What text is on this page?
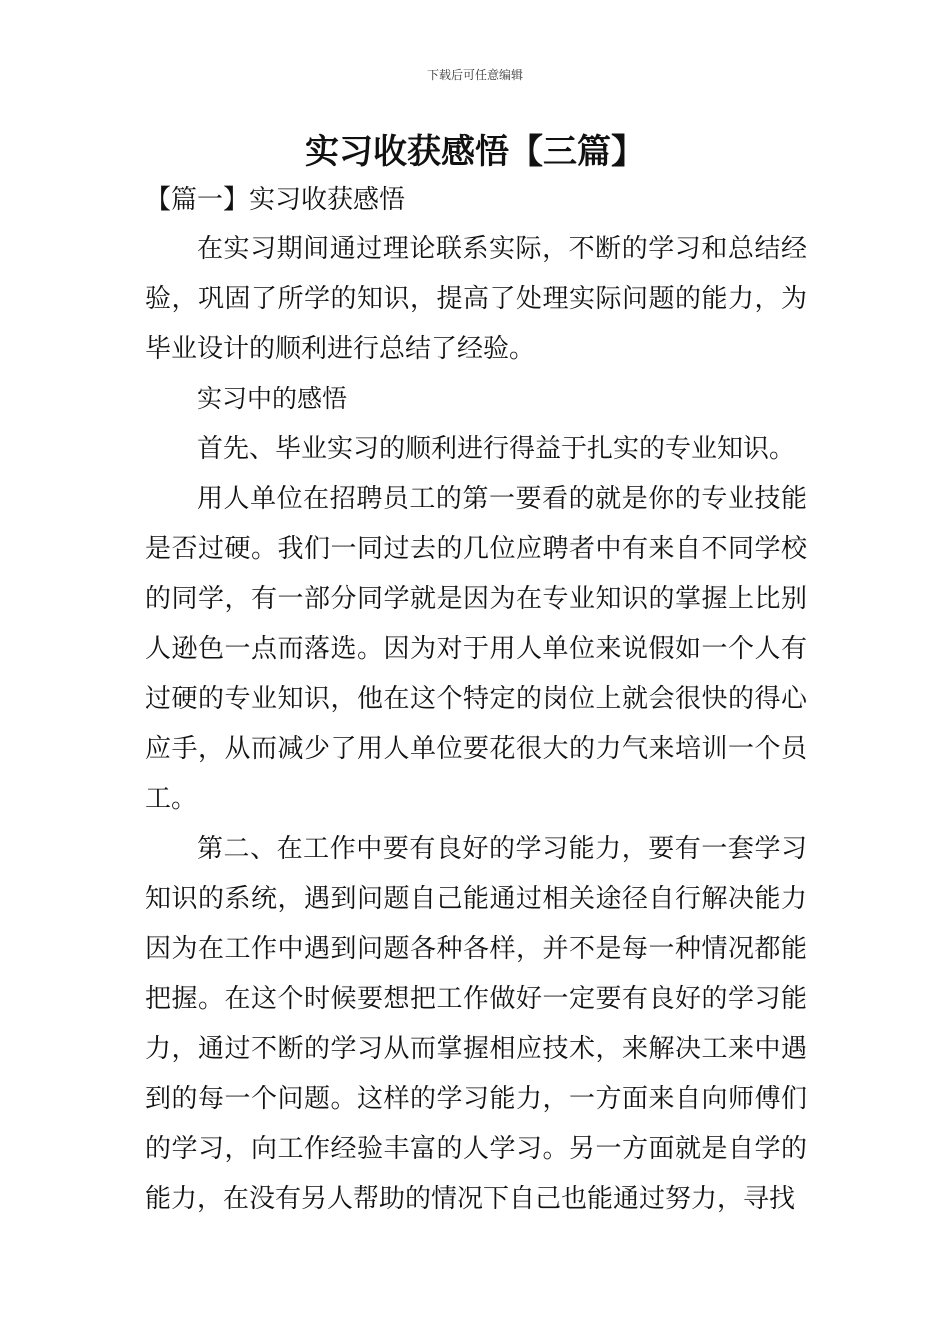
下载后可任意编辑
实习收获感悟【三篇】
【篇一】实习收获感悟

在实习期间通过理论联系实际，不断的学习和总结经验，巩固了所学的知识，提高了处理实际问题的能力，为毕业设计的顺利进行总结了经验。

实习中的感悟

首先、毕业实习的顺利进行得益于扎实的专业知识。

用人单位在招聘员工的第一要看的就是你的专业技能是否过硬。我们一同过去的几位应聘者中有来自不同学校的同学，有一部分同学就是因为在专业知识的掌握上比别人逊色一点而落选。因为对于用人单位来说假如一个人有过硬的专业知识，他在这个特定的岗位上就会很快的得心应手，从而减少了用人单位要花很大的力气来培训一个员工。

第二、在工作中要有良好的学习能力，要有一套学习知识的系统，遇到问题自己能通过相关途径自行解决能力因为在工作中遇到问题各种各样，并不是每一种情况都能把握。在这个时候要想把工作做好一定要有良好的学习能力，通过不断的学习从而掌握相应技术，来解决工来中遇到的每一个问题。这样的学习能力，一方面来自向师傅们的学习，向工作经验丰富的人学习。另一方面就是自学的能力，在没有另人帮助的情况下自己也能通过努力，寻找
